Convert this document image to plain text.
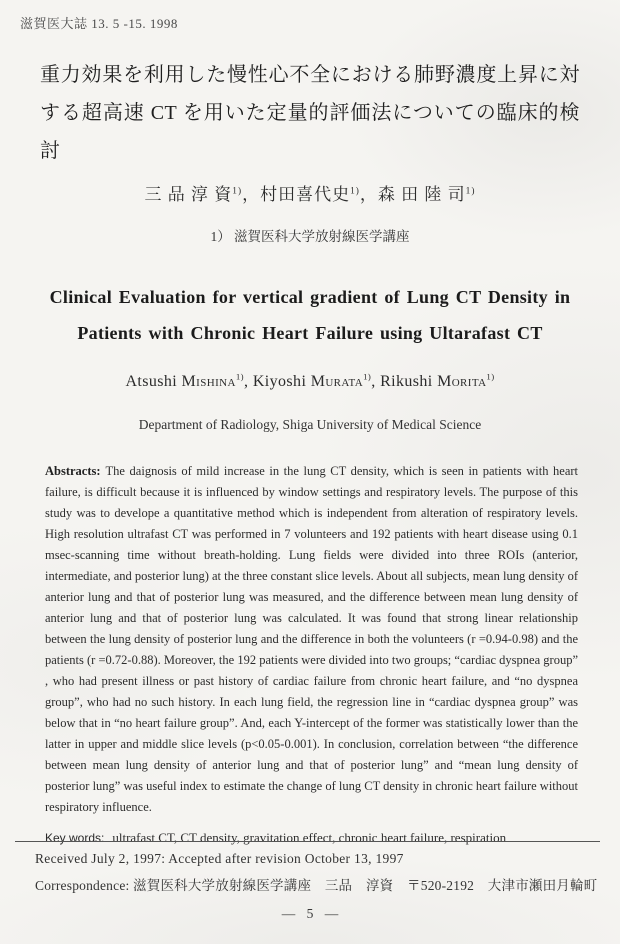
滋賀医大誌 13. 5 -15. 1998
重力効果を利用した慢性心不全における肺野濃度上昇に対する超高速 CT を用いた定量的評価法についての臨床的検討
三 品 淳 資$^{1)}$，村田喜代史$^{1)}$，森 田 陸 司$^{1)}$
1） 滋賀医科大学放射線医学講座
Clinical Evaluation for vertical gradient of Lung CT Density in Patients with Chronic Heart Failure using Ultarafast CT
Atsushi Mishina$^{1)}$, Kiyoshi Murata$^{1)}$, Rikushi Morita$^{1)}$
Department of Radiology, Shiga University of Medical Science

Abstracts: The daignosis of mild increase in the lung CT density, which is seen in patients with heart failure, is difficult because it is influenced by window settings and respiratory levels. The purpose of this study was to develope a quantitative method which is independent from alteration of respiratory levels. High resolution ultrafast CT was performed in 7 volunteers and 192 patients with heart disease using 0.1 msec-scanning time without breath-holding. Lung fields were divided into three ROIs (anterior, intermediate, and posterior lung) at the three constant slice levels. About all subjects, mean lung density of anterior lung and that of posterior lung was measured, and the difference between mean lung density of anterior lung and that of posterior lung was calculated. It was found that strong linear relationship between the lung density of posterior lung and the difference in both the volunteers (r =0.94-0.98) and the patients (r =0.72-0.88). Moreover, the 192 patients were divided into two groups; “cardiac dyspnea group” , who had present illness or past history of cardiac failure from chronic heart failure, and “no dyspnea group”, who had no such history. In each lung field, the regression line in “cardiac dyspnea group” was below that in “no heart failure group”. And, each Y-intercept of the former was statistically lower than the latter in upper and middle slice levels (p<0.05-0.001). In conclusion, correlation between “the difference between mean lung density of anterior lung and that of posterior lung” and “mean lung density of posterior lung” was useful index to estimate the change of lung CT density in chronic heart failure without respiratory influence.

Key words: ultrafast CT, CT density, gravitation effect, chronic heart failure, respiration

Received July 2, 1997: Accepted after revision October 13, 1997
Correspondence: 滋賀医科大学放射線医学講座　三品　淳資　〒520-2192　大津市瀬田月輪町
— 5 —
